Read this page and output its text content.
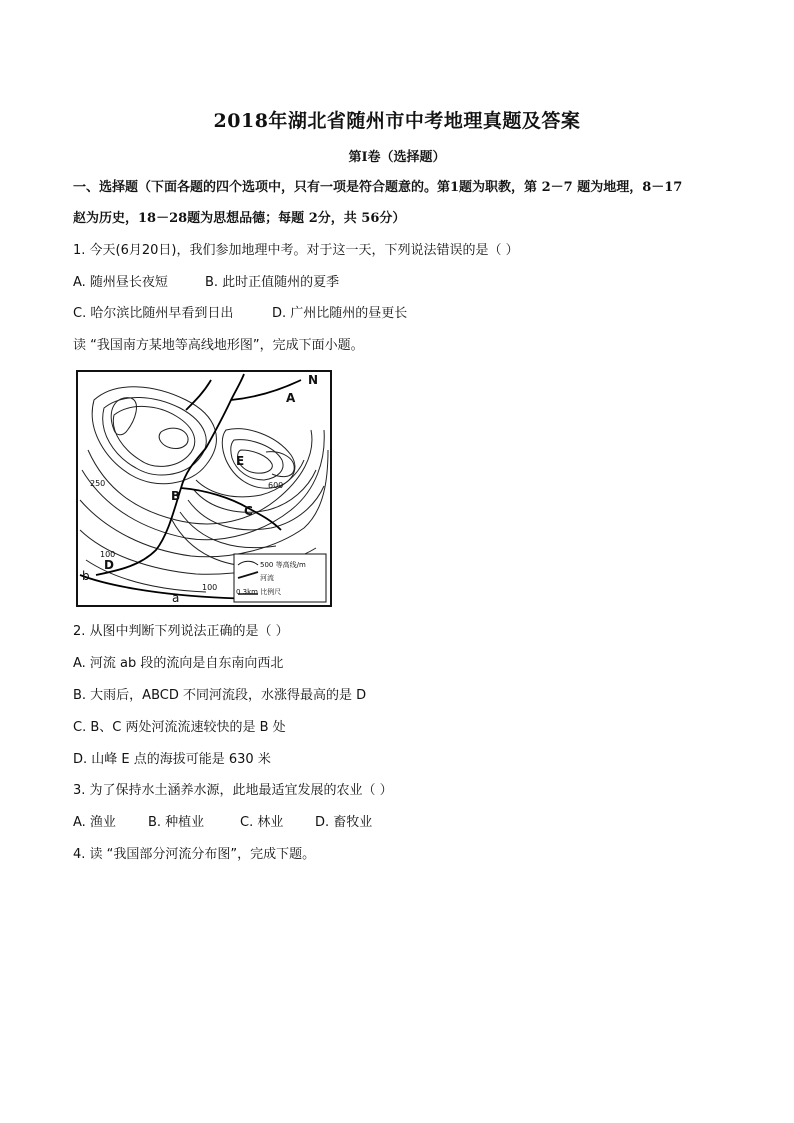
2018年湖北省随州市中考地理真题及答案
第Ⅰ卷（选择题）
一、选择题（下面各题的四个选项中，只有一项是符合题意的。第1题为职教，第 2－7 题为地理，8－17
赵为历史，18－28题为思想品德；每题 2分，共 56分）
1. 今天(6月20日)，我们参加地理中考。对于这一天，下列说法错误的是（ ）
A. 随州昼长夜短	B. 此时正值随州的夏季
C. 哈尔滨比随州早看到日出	D. 广州比随州的昼更长
读 “我国南方某地等高线地形图”，完成下面小题。
N
A
B
C
D
E
a
b
250	600
100
100
500 等高线/m
河流
0 3km 比例尺
2. 从图中判断下列说法正确的是（ ）
A. 河流 ab 段的流向是自东南向西北
B. 大雨后，ABCD 不同河流段，水涨得最高的是 D
C. B、C 两处河流流速较快的是 B 处
D. 山峰 E 点的海拔可能是 630 米
3. 为了保持水土涵养水源，此地最适宜发展的农业（ ）
A. 渔业 B. 种植业	C. 林业 D. 畜牧业
4. 读 “我国部分河流分布图”，完成下题。
